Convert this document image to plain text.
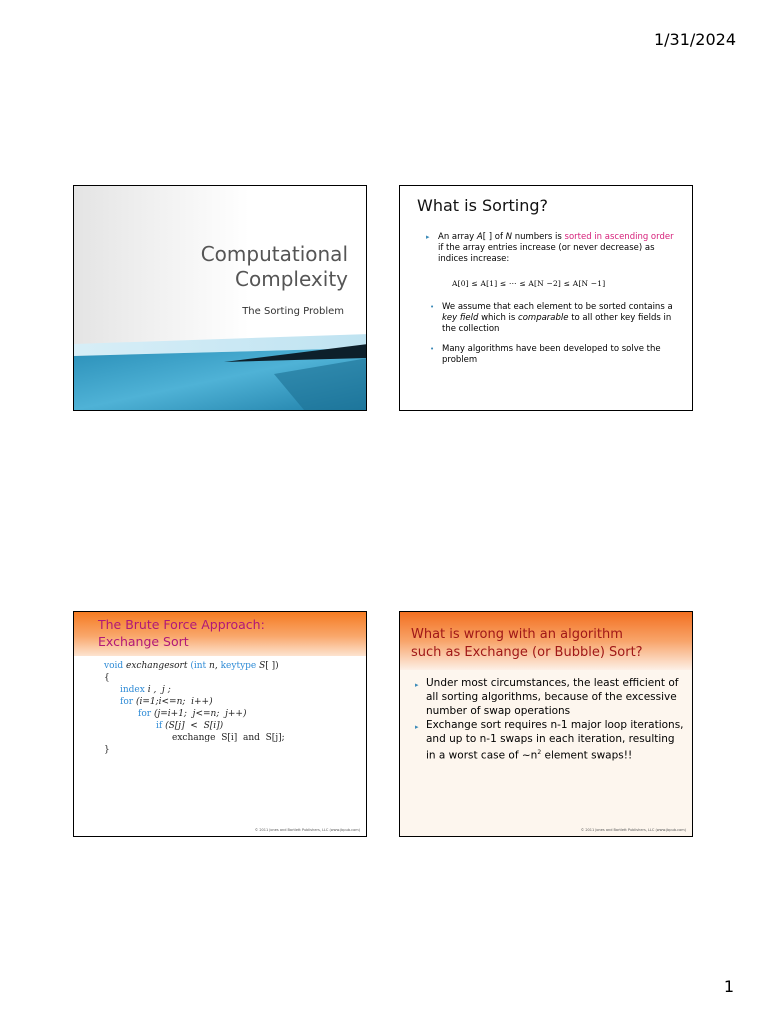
1/31/2024
Computational
Complexity
The Sorting Problem
What is Sorting?
▸ An array A[ ] of N numbers is sorted in ascending order if the array entries increase (or never decrease) as indices increase:
A[0] ≤ A[1] ≤ ··· ≤ A[N −2] ≤ A[N −1]
• We assume that each element to be sorted contains a key field which is comparable to all other key fields in the collection
• Many algorithms have been developed to solve the problem
The Brute Force Approach:
Exchange Sort
void exchangesort (int n, keytype S[ ])
{
index i ,  j ;
for (i=1;i<=n;  i++)
for (j=i+1;  j<=n;  j++)
if (S[j]  <  S[i])
exchange  S[i]  and  S[j];
}
© 2011 Jones and Bartlett Publishers, LLC (www.jbpub.com)
What is wrong with an algorithm
such as Exchange (or Bubble) Sort?
▸ Under most circumstances, the least efficient of all sorting algorithms, because of the excessive number of swap operations
▸ Exchange sort requires n-1 major loop iterations, and up to n-1 swaps in each iteration, resulting in a worst case of $\sim n^2$ element swaps!!
© 2011 Jones and Bartlett Publishers, LLC (www.jbpub.com)
1
